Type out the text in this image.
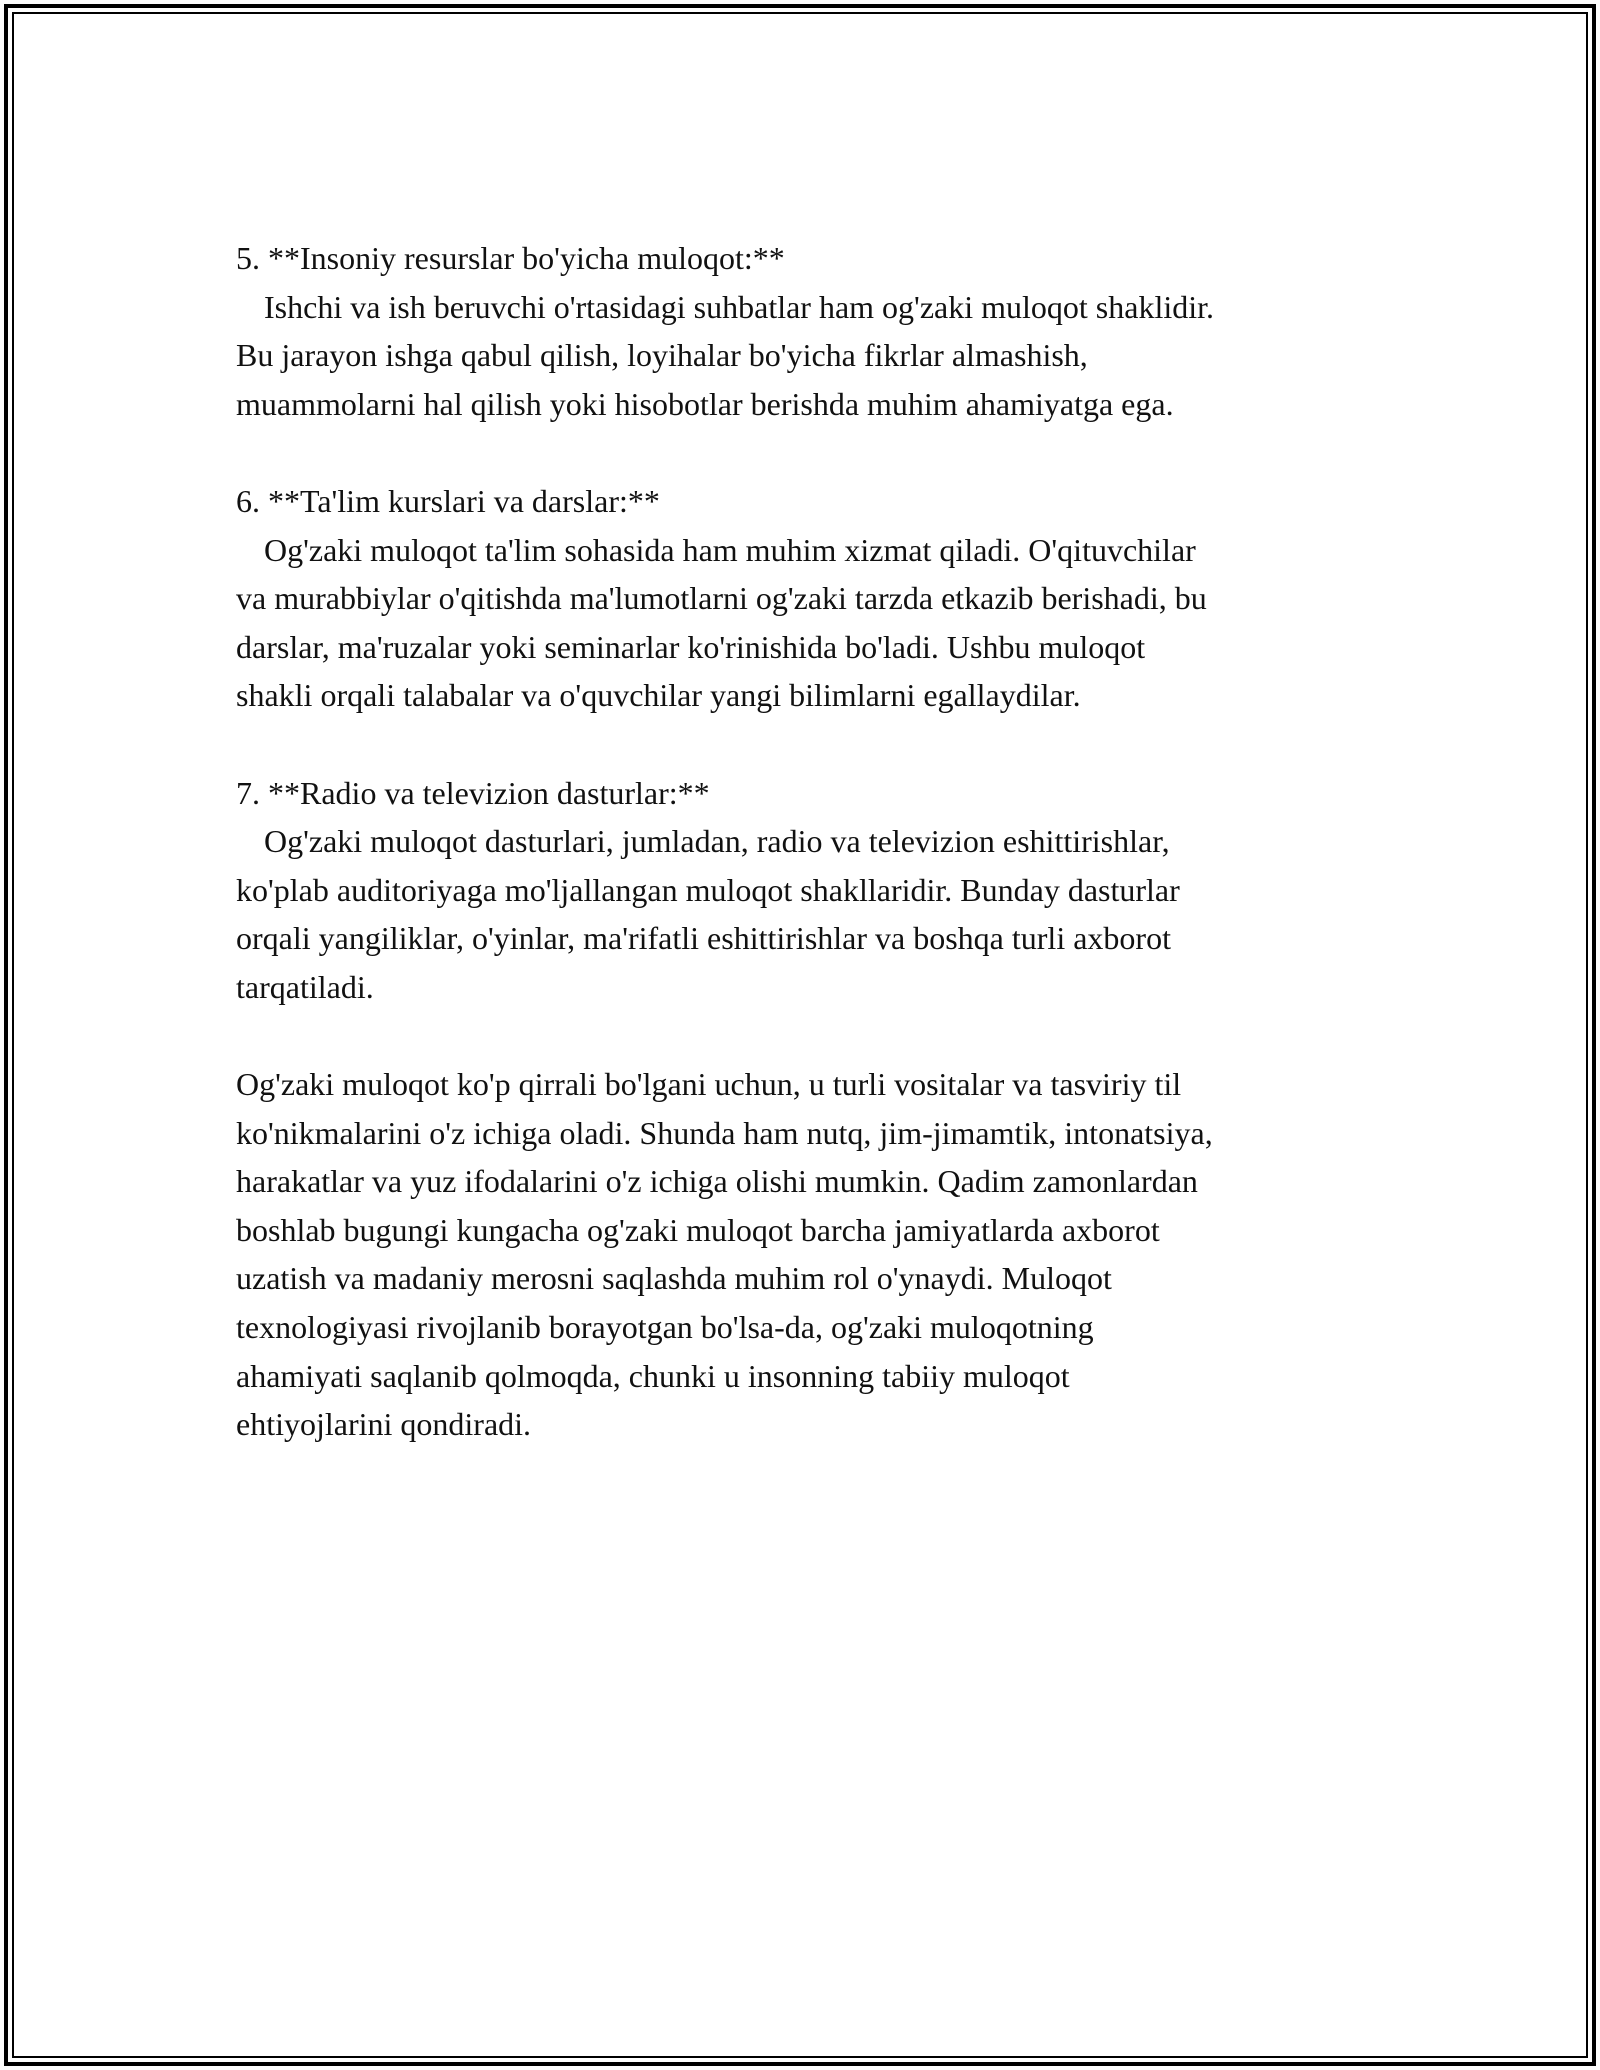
5. **Insoniy resurslar bo'yicha muloqot:**
Ishchi va ish beruvchi o'rtasidagi suhbatlar ham og'zaki muloqot shaklidir.
Bu jarayon ishga qabul qilish, loyihalar bo'yicha fikrlar almashish,
muammolarni hal qilish yoki hisobotlar berishda muhim ahamiyatga ega.
6. **Ta'lim kurslari va darslar:**
Og'zaki muloqot ta'lim sohasida ham muhim xizmat qiladi. O'qituvchilar
va murabbiylar o'qitishda ma'lumotlarni og'zaki tarzda etkazib berishadi, bu
darslar, ma'ruzalar yoki seminarlar ko'rinishida bo'ladi. Ushbu muloqot
shakli orqali talabalar va o'quvchilar yangi bilimlarni egallaydilar.
7. **Radio va televizion dasturlar:**
Og'zaki muloqot dasturlari, jumladan, radio va televizion eshittirishlar,
ko'plab auditoriyaga mo'ljallangan muloqot shakllaridir. Bunday dasturlar
orqali yangiliklar, o'yinlar, ma'rifatli eshittirishlar va boshqa turli axborot
tarqatiladi.
Og'zaki muloqot ko'p qirrali bo'lgani uchun, u turli vositalar va tasviriy til
ko'nikmalarini o'z ichiga oladi. Shunda ham nutq, jim-jimamtik, intonatsiya,
harakatlar va yuz ifodalarini o'z ichiga olishi mumkin. Qadim zamonlardan
boshlab bugungi kungacha og'zaki muloqot barcha jamiyatlarda axborot
uzatish va madaniy merosni saqlashda muhim rol o'ynaydi. Muloqot
texnologiyasi rivojlanib borayotgan bo'lsa-da, og'zaki muloqotning
ahamiyati saqlanib qolmoqda, chunki u insonning tabiiy muloqot
ehtiyojlarini qondiradi.
